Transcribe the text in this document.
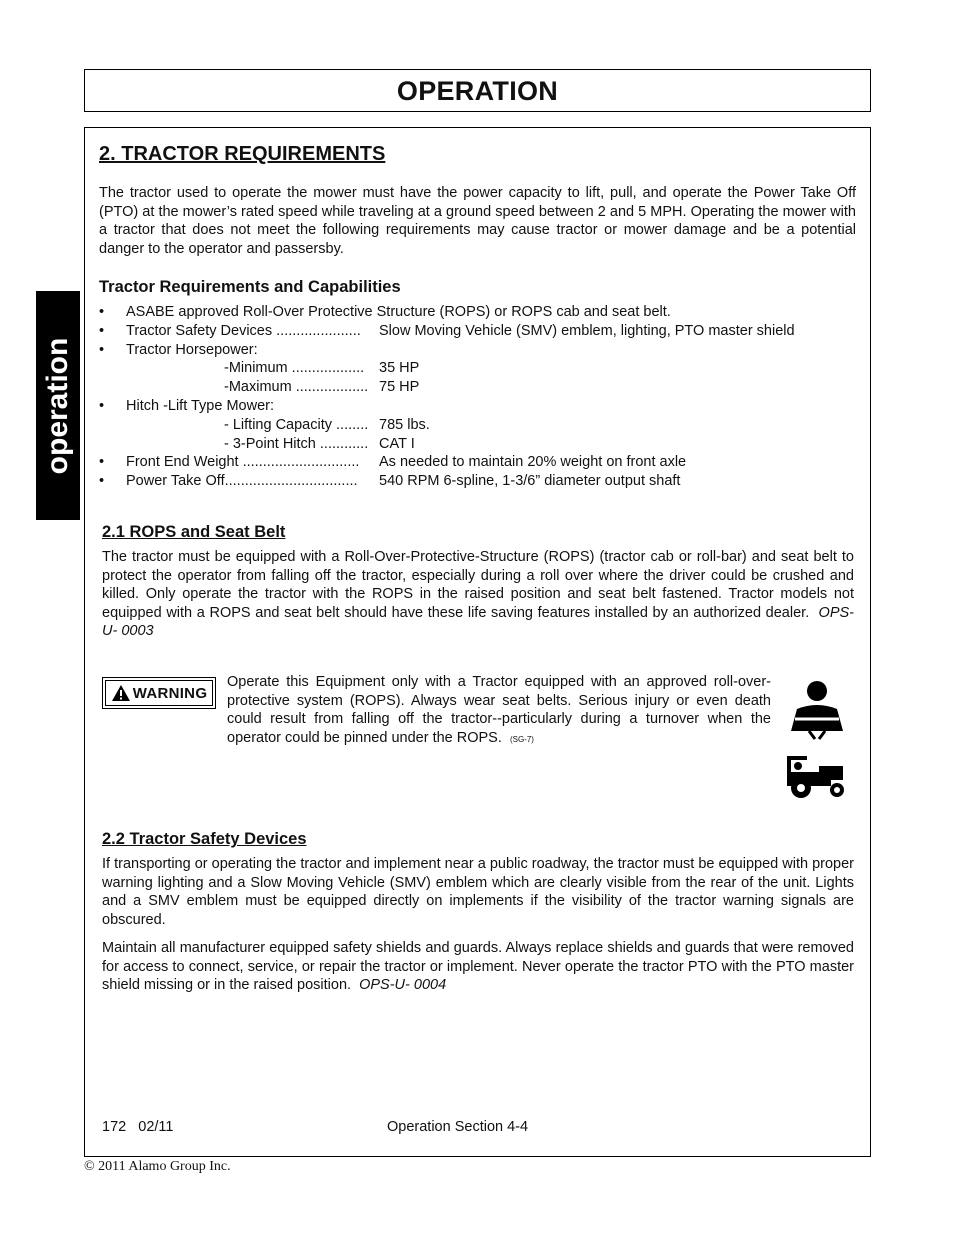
OPERATION
operation
2. TRACTOR REQUIREMENTS
The tractor used to operate the mower must have the power capacity to lift, pull, and operate the Power Take Off (PTO) at the mower’s rated speed while traveling at a ground speed between 2 and 5 MPH. Operating the mower with a tractor that does not meet the following requirements may cause tractor or mower damage and be a potential danger to the operator and passersby.
Tractor Requirements and Capabilities
• ASABE approved Roll-Over Protective Structure (ROPS) or ROPS cab and seat belt.
• Tractor Safety Devices ..................... Slow Moving Vehicle (SMV) emblem, lighting, PTO master shield
• Tractor Horsepower:
-Minimum .................. 35 HP
-Maximum .................. 75 HP
• Hitch -Lift Type Mower:
- Lifting Capacity ........ 785 lbs.
- 3-Point Hitch ............ CAT I
• Front End Weight ............................. As needed to maintain 20% weight on front axle
• Power Take Off................................. 540 RPM 6-spline, 1-3/6” diameter output shaft
2.1 ROPS and Seat Belt
The tractor must be equipped with a Roll-Over-Protective-Structure (ROPS) (tractor cab or roll-bar) and seat belt to protect the operator from falling off the tractor, especially during a roll over where the driver could be crushed and killed. Only operate the tractor with the ROPS in the raised position and seat belt fastened. Tractor models not equipped with a ROPS and seat belt should have these life saving features installed by an authorized dealer. OPS-U- 0003
WARNING
Operate this Equipment only with a Tractor equipped with an approved roll-over-protective system (ROPS). Always wear seat belts. Serious injury or even death could result from falling off the tractor--particularly during a turnover when the operator could be pinned under the ROPS. (SG-7)
2.2 Tractor Safety Devices
If transporting or operating the tractor and implement near a public roadway, the tractor must be equipped with proper warning lighting and a Slow Moving Vehicle (SMV) emblem which are clearly visible from the rear of the unit. Lights and a SMV emblem must be equipped directly on implements if the visibility of the tractor warning signals are obscured.
Maintain all manufacturer equipped safety shields and guards. Always replace shields and guards that were removed for access to connect, service, or repair the tractor or implement. Never operate the tractor PTO with the PTO master shield missing or in the raised position. OPS-U- 0004
172   02/11	Operation Section 4-4
© 2011 Alamo Group Inc.
